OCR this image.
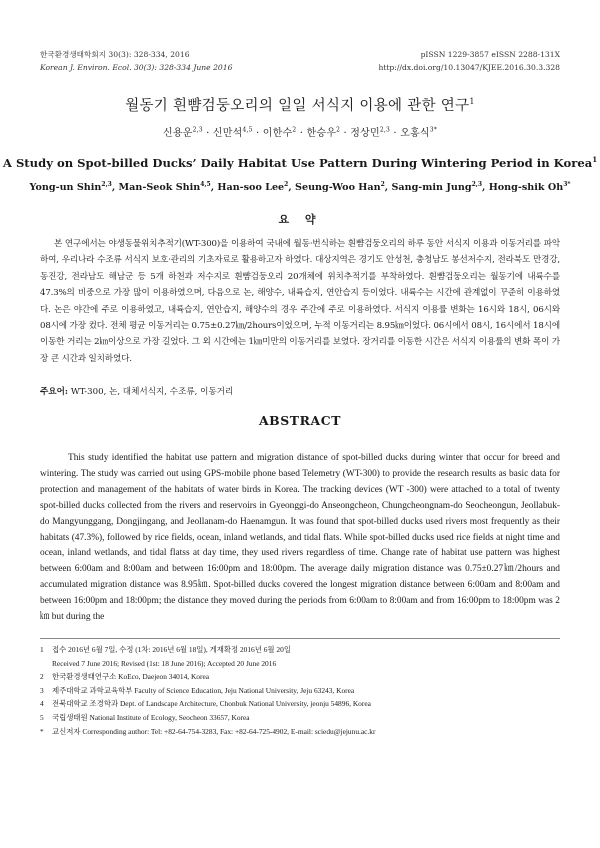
한국환경생태학회지 30(3): 328-334, 2016
Korean J. Environ. Ecol. 30(3): 328-334 June 2016
pISSN 1229-3857 eISSN 2288-131X
http://dx.doi.org/10.13047/KJEE.2016.30.3.328
월동기 흰뺨검둥오리의 일일 서식지 이용에 관한 연구$^1$
신용운$^{2,3}$ · 신만석$^{4,5}$ · 이한수$^2$ · 한승우$^2$ · 정상민$^{2,3}$ · 오홍식$^{3*}$
A Study on Spot-billed Ducks’ Daily Habitat Use Pattern During Wintering Period in Korea$^1$
Yong-un Shin$^{2,3}$, Man-Seok Shin$^{4,5}$, Han-soo Lee$^2$, Seung-Woo Han$^2$, Sang-min Jung$^{2,3}$, Hong-shik $Oh^{3*}$
요 약
본 연구에서는 야생동물위치추적기(WT-300)을 이용하여 국내에 월동·번식하는 흰뺨검둥오리의 하루 동안 서식지 이용과 이동거리를 파악하여, 우리나라 수조류 서식지 보호·관리의 기초자료로 활용하고자 하였다. 대상지역은 경기도 안성천, 충청남도 봉선저수지, 전라북도 만경강, 동진강, 전라남도 해남군 등 5개 하천과 저수지로 흰뺨검둥오리 20개체에 위치추적기를 부착하였다. 흰뺨검둥오리는 월동기에 내륙수를 47.3%의 비중으로 가장 많이 이용하였으며, 다음으로 논, 해양수, 내륙습지, 연안습지 등이었다. 내륙수는 시간에 관계없이 꾸준히 이용하였다. 논은 야간에 주로 이용하였고, 내륙습지, 연안습지, 해양수의 경우 주간에 주로 이용하였다. 서식지 이용률 변화는 16시와 18시, 06시와 08시에 가장 컸다. 전체 평균 이동거리는 0.75±0.27㎞/2hours이었으며, 누적 이동거리는 8.95㎞이었다. 06시에서 08시, 16시에서 18시에 이동한 거리는 2㎞이상으로 가장 길었다. 그 외 시간에는 1㎞미만의 이동거리를 보였다. 장거리를 이동한 시간은 서식지 이용률의 변화 폭이 가장 큰 시간과 일치하였다.
주요어: WT-300, 논, 대체서식지, 수조류, 이동거리
ABSTRACT
This study identified the habitat use pattern and migration distance of spot-billed ducks during winter that occur for breed and wintering. The study was carried out using GPS-mobile phone based Telemetry (WT-300) to provide the research results as basic data for protection and management of the habitats of water birds in Korea. The tracking devices (WT -300) were attached to a total of twenty spot-billed ducks collected from the rivers and reservoirs in Gyeonggi-do Anseongcheon, Chungcheongnam-do Seocheongun, Jeollabuk-do Mangyunggang, Dongjingang, and Jeollanam-do Haenamgun. It was found that spot-billed ducks used rivers most frequently as their habitats (47.3%), followed by rice fields, ocean, inland wetlands, and tidal flats. While spot-billed ducks used rice fields at night time and ocean, inland wetlands, and tidal flatss at day time, they used rivers regardless of time. Change rate of habitat use pattern was highest between 6:00am and 8:00am and between 16:00pm and 18:00pm. The average daily migration distance was 0.75±0.27㎞/2hours and accumulated migration distance was 8.95㎞. Spot-billed ducks covered the longest migration distance between 6:00am and 8:00am and between 16:00pm and 18:00pm; the distance they moved during the periods from 6:00am to 8:00am and from 16:00pm to 18:00pm was 2㎞ but during the
1	접수 2016년 6월 7일, 수정 (1차: 2016년 6월 18일), 게재확정 2016년 6월 20일
Received 7 June 2016; Revised (1st: 18 June 2016); Accepted 20 June 2016
2	한국환경생태연구소 KoEco, Daejeon 34014, Korea
3	제주대학교 과학교육학부 Faculty of Science Education, Jeju National University, Jeju 63243, Korea
4	전북대학교 조경학과 Dept. of Landscape Architecture, Chonbuk National University, jeonju 54896, Korea
5	국립생태원 National Institute of Ecology, Seocheon 33657, Korea
*	교신저자 Corresponding author: Tel: +82-64-754-3283, Fax: +82-64-725-4902, E-mail: sciedu@jejunu.ac.kr
